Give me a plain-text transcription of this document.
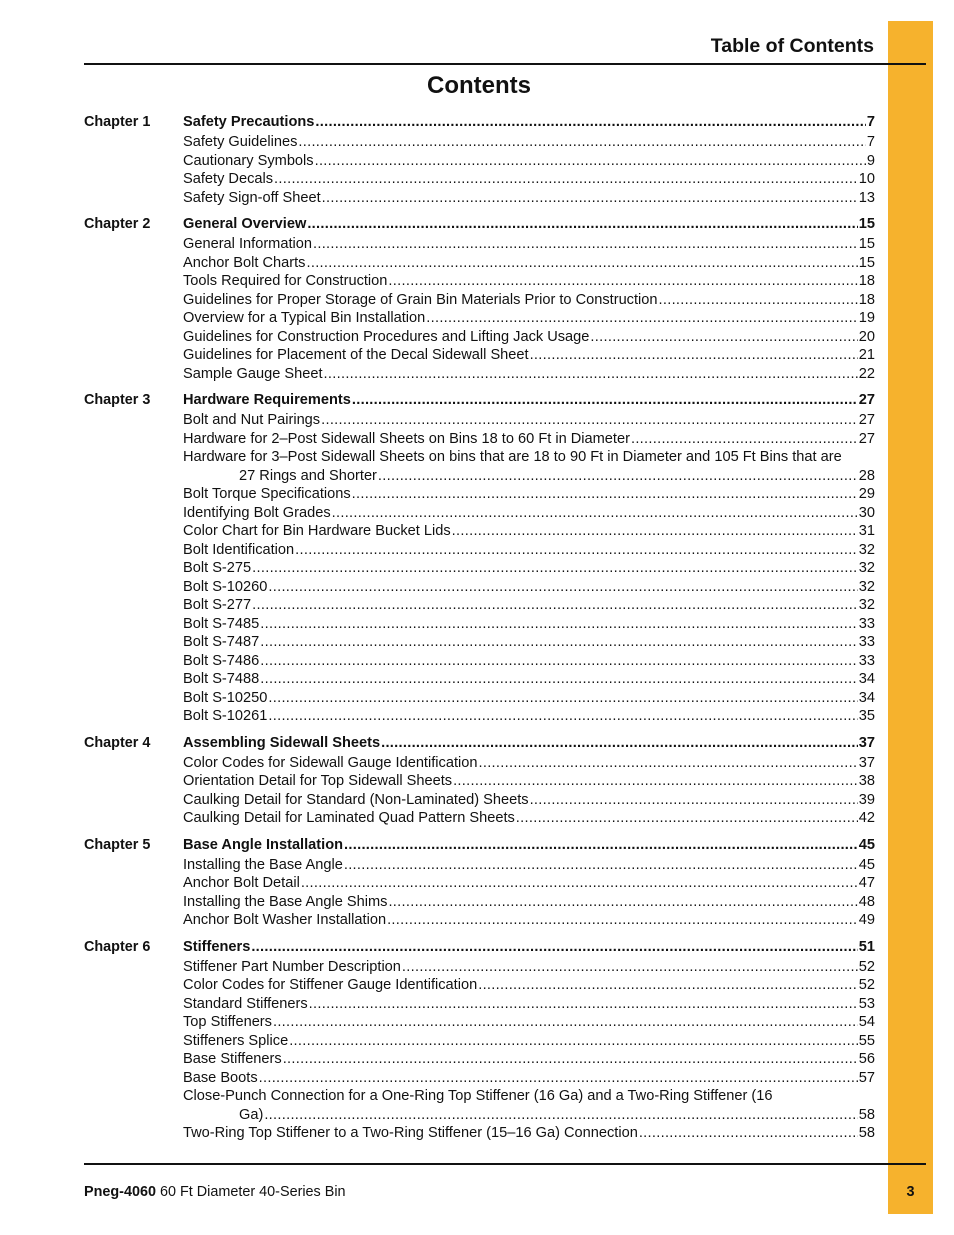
Table of Contents
Contents
Chapter 1 Safety Precautions .....	7
Safety Guidelines .....	7
Cautionary Symbols .....	9
Safety Decals .....	10
Safety Sign-off Sheet .....	13
Chapter 2 General Overview .....	15
General Information .....	15
Anchor Bolt Charts .....	15
Tools Required for Construction .....	18
Guidelines for Proper Storage of Grain Bin Materials Prior to Construction .....	18
Overview for a Typical Bin Installation .....	19
Guidelines for Construction Procedures and Lifting Jack Usage .....	20
Guidelines for Placement of the Decal Sidewall Sheet .....	21
Sample Gauge Sheet .....	22
Chapter 3 Hardware Requirements .....	27
Bolt and Nut Pairings .....	27
Hardware for 2–Post Sidewall Sheets on Bins 18 to 60 Ft in Diameter .....	27
Hardware for 3–Post Sidewall Sheets on bins that are 18 to 90 Ft in Diameter and 105 Ft Bins that are
27 Rings and Shorter .....	28
Bolt Torque Specifications .....	29
Identifying Bolt Grades .....	30
Color Chart for Bin Hardware Bucket Lids .....	31
Bolt Identification .....	32
Bolt S-275 .....	32
Bolt S-10260 .....	32
Bolt S-277 .....	32
Bolt S-7485 .....	33
Bolt S-7487 .....	33
Bolt S-7486 .....	33
Bolt S-7488 .....	34
Bolt S-10250 .....	34
Bolt S-10261 .....	35
Chapter 4 Assembling Sidewall Sheets .....	37
Color Codes for Sidewall Gauge Identification .....	37
Orientation Detail for Top Sidewall Sheets .....	38
Caulking Detail for Standard (Non-Laminated) Sheets .....	39
Caulking Detail for Laminated Quad Pattern Sheets .....	42
Chapter 5 Base Angle Installation .....	45
Installing the Base Angle .....	45
Anchor Bolt Detail .....	47
Installing the Base Angle Shims .....	48
Anchor Bolt Washer Installation .....	49
Chapter 6 Stiffeners .....	51
Stiffener Part Number Description .....	52
Color Codes for Stiffener Gauge Identification .....	52
Standard Stiffeners .....	53
Top Stiffeners .....	54
Stiffeners Splice .....	55
Base Stiffeners .....	56
Base Boots .....	57
Close-Punch Connection for a One-Ring Top Stiffener (16 Ga) and a Two-Ring Stiffener (16
Ga) .....	58
Two-Ring Top Stiffener to a Two-Ring Stiffener (15–16 Ga) Connection .....	58
Pneg-4060 60 Ft Diameter 40-Series Bin	3
